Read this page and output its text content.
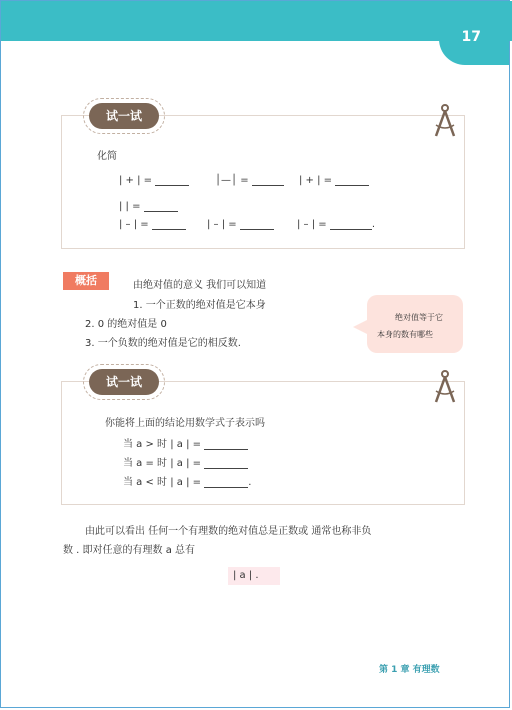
17
试一试
化简
| + | =	│—│ =	| + | =
| | =
| – | =	| – | =	| – | =	.
概括	由绝对值的意义 我们可以知道
1. 一个正数的绝对值是它本身
2. 0 的绝对值是 0
3. 一个负数的绝对值是它的相反数.
绝对值等于它
本身的数有哪些
试一试
你能将上面的结论用数学式子表示吗
当 a > 时 | a | =
当 a = 时 | a | =
当 a < 时 | a | =	.
由此可以看出 任何一个有理数的绝对值总是正数或 通常也称非负
数 . 即对任意的有理数 a 总有
| a | .
第 1 章 有理数
